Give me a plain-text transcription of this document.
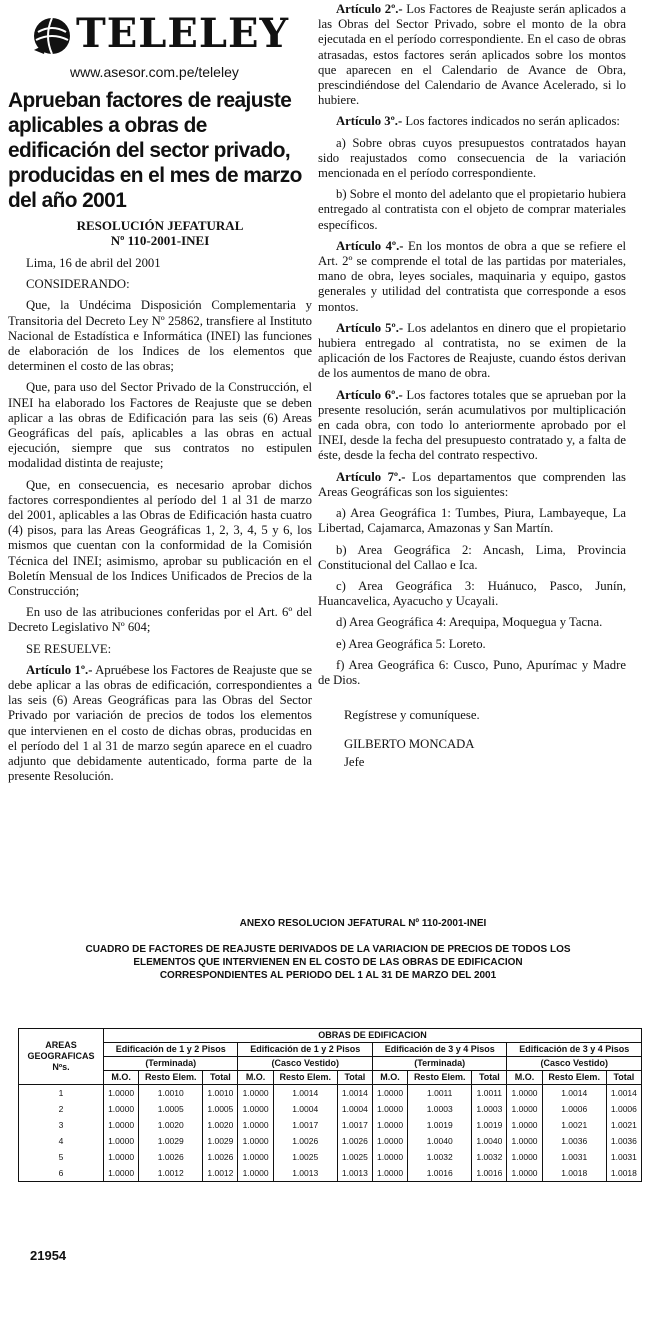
TELELEY
www.asesor.com.pe/teleley
Aprueban factores de reajuste aplicables a obras de edificación del sector privado, producidas en el mes de marzo del año 2001
RESOLUCIÓN JEFATURAL
Nº 110-2001-INEI

Lima, 16 de abril del 2001

CONSIDERANDO:

Que, la Undécima Disposición Complementaria y Transitoria del Decreto Ley Nº 25862, transfiere al Instituto Nacional de Estadística e Informática (INEI) las funciones de elaboración de los Indices de los elementos que determinen el costo de las obras;

Que, para uso del Sector Privado de la Construcción, el INEI ha elaborado los Factores de Reajuste que se deben aplicar a las obras de Edificación para las seis (6) Areas Geográficas del país, aplicables a las obras en actual ejecución, siempre que sus contratos no estipulen modalidad distinta de reajuste;

Que, en consecuencia, es necesario aprobar dichos factores correspondientes al período del 1 al 31 de marzo del 2001, aplicables a las Obras de Edificación hasta cuatro (4) pisos, para las Areas Geográficas 1, 2, 3, 4, 5 y 6, los mismos que cuentan con la conformidad de la Comisión Técnica del INEI; asimismo, aprobar su publicación en el Boletín Mensual de los Indices Unificados de Precios de la Construcción;

En uso de las atribuciones conferidas por el Art. 6º del Decreto Legislativo Nº 604;

SE RESUELVE:

Artículo 1º.- Apruébese los Factores de Reajuste que se debe aplicar a las obras de edificación, correspondientes a las seis (6) Areas Geográficas para las Obras del Sector Privado por variación de precios de todos los elementos que intervienen en el costo de dichas obras, producidas en el período del 1 al 31 de marzo según aparece en el cuadro adjunto que debidamente autenticado, forma parte de la presente Resolución.

Artículo 2º.- Los Factores de Reajuste serán aplicados a las Obras del Sector Privado, sobre el monto de la obra ejecutada en el período correspondiente. En el caso de obras atrasadas, estos factores serán aplicados sobre los montos que aparecen en el Calendario de Avance de Obra, prescindiéndose del Calendario de Avance Acelerado, si lo hubiere.

Artículo 3º.- Los factores indicados no serán aplicados:

a) Sobre obras cuyos presupuestos contratados hayan sido reajustados como consecuencia de la variación mencionada en el período correspondiente.

b) Sobre el monto del adelanto que el propietario hubiera entregado al contratista con el objeto de comprar materiales específicos.

Artículo 4º.- En los montos de obra a que se refiere el Art. 2º se comprende el total de las partidas por materiales, mano de obra, leyes sociales, maquinaria y equipo, gastos generales y utilidad del contratista que corresponde a esos montos.

Artículo 5º.- Los adelantos en dinero que el propietario hubiera entregado al contratista, no se eximen de la aplicación de los Factores de Reajuste, cuando éstos derivan de los aumentos de mano de obra.

Artículo 6º.- Los factores totales que se aprueban por la presente resolución, serán acumulativos por multiplicación en cada obra, con todo lo anteriormente aprobado por el INEI, desde la fecha del presupuesto contratado y, a falta de éste, desde la fecha del contrato respectivo.

Artículo 7º.- Los departamentos que comprenden las Areas Geográficas son los siguientes:

a) Area Geográfica 1: Tumbes, Piura, Lambayeque, La Libertad, Cajamarca, Amazonas y San Martín.

b) Area Geográfica 2: Ancash, Lima, Provincia Constitucional del Callao e Ica.

c) Area Geográfica 3: Huánuco, Pasco, Junín, Huancavelica, Ayacucho y Ucayali.

d) Area Geográfica 4: Arequipa, Moquegua y Tacna.

e) Area Geográfica 5: Loreto.

f) Area Geográfica 6: Cusco, Puno, Apurímac y Madre de Dios.

Regístrese y comuníquese.

GILBERTO MONCADA

Jefe

ANEXO RESOLUCION JEFATURAL Nº 110-2001-INEI
CUADRO DE FACTORES DE REAJUSTE DERIVADOS DE LA VARIACION DE PRECIOS DE TODOS LOS
ELEMENTOS QUE INTERVIENEN EN EL COSTO DE LAS OBRAS DE EDIFICACION
CORRESPONDIENTES AL PERIODO DEL 1 AL 31 DE MARZO DEL 2001
AREAS
GEOGRAFICAS
Nºs.	OBRAS DE EDIFICACION											
	Edificación de 1 y 2 Pisos			Edificación de 1 y 2 Pisos			Edificación de 3 y 4 Pisos			Edificación de 3 y 4 Pisos		
	(Terminada)			(Casco Vestido)			(Terminada)			(Casco Vestido)		
	M.O.	Resto Elem.	Total	M.O.	Resto Elem.	Total	M.O.	Resto Elem.	Total	M.O.	Resto Elem.	Total
1	1.0000	1.0010	1.0010	1.0000	1.0014	1.0014	1.0000	1.0011	1.0011	1.0000	1.0014	1.0014
2	1.0000	1.0005	1.0005	1.0000	1.0004	1.0004	1.0000	1.0003	1.0003	1.0000	1.0006	1.0006
3	1.0000	1.0020	1.0020	1.0000	1.0017	1.0017	1.0000	1.0019	1.0019	1.0000	1.0021	1.0021
4	1.0000	1.0029	1.0029	1.0000	1.0026	1.0026	1.0000	1.0040	1.0040	1.0000	1.0036	1.0036
5	1.0000	1.0026	1.0026	1.0000	1.0025	1.0025	1.0000	1.0032	1.0032	1.0000	1.0031	1.0031
6	1.0000	1.0012	1.0012	1.0000	1.0013	1.0013	1.0000	1.0016	1.0016	1.0000	1.0018	1.0018
21954
